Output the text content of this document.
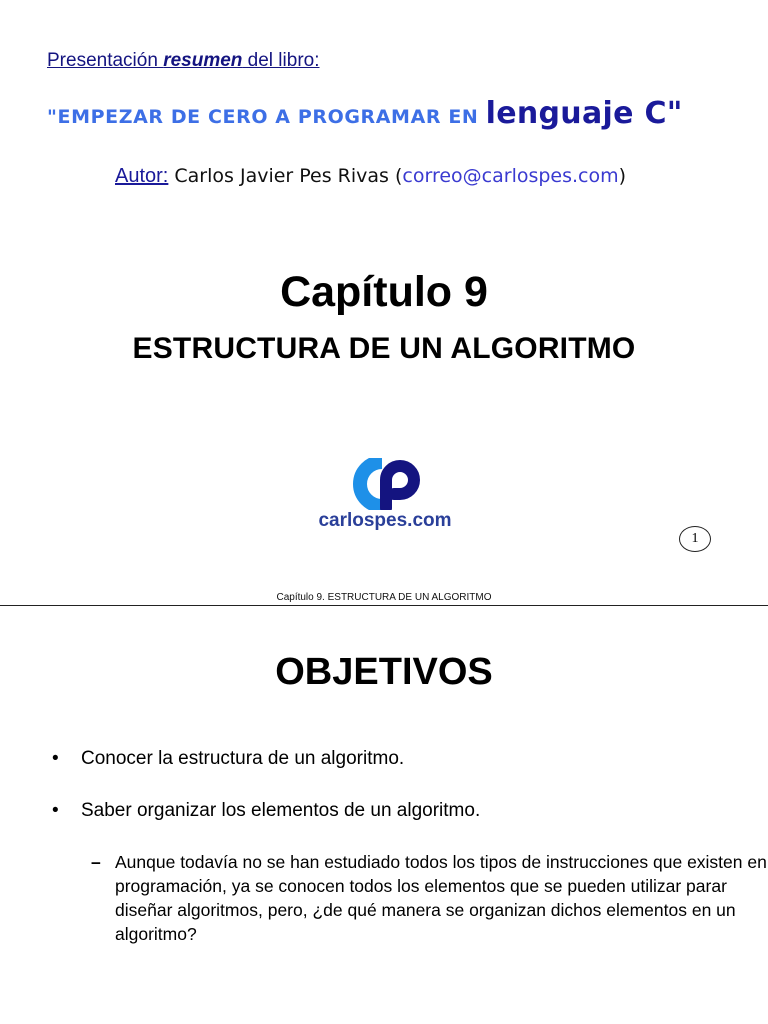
Presentación resumen del libro:
"EMPEZAR DE CERO A PROGRAMAR EN lenguaje C"
Autor: Carlos Javier Pes Rivas (correo@carlospes.com)
Capítulo 9
ESTRUCTURA DE UN ALGORITMO
carlospes.com
1
Capítulo 9. ESTRUCTURA DE UN ALGORITMO
OBJETIVOS
• Conocer la estructura de un algoritmo.
• Saber organizar los elementos de un algoritmo.
– Aunque todavía no se han estudiado todos los tipos de instrucciones que existen en programación, ya se conocen todos los elementos que se pueden utilizar parar diseñar algoritmos, pero, ¿de qué manera se organizan dichos elementos en un algoritmo?
